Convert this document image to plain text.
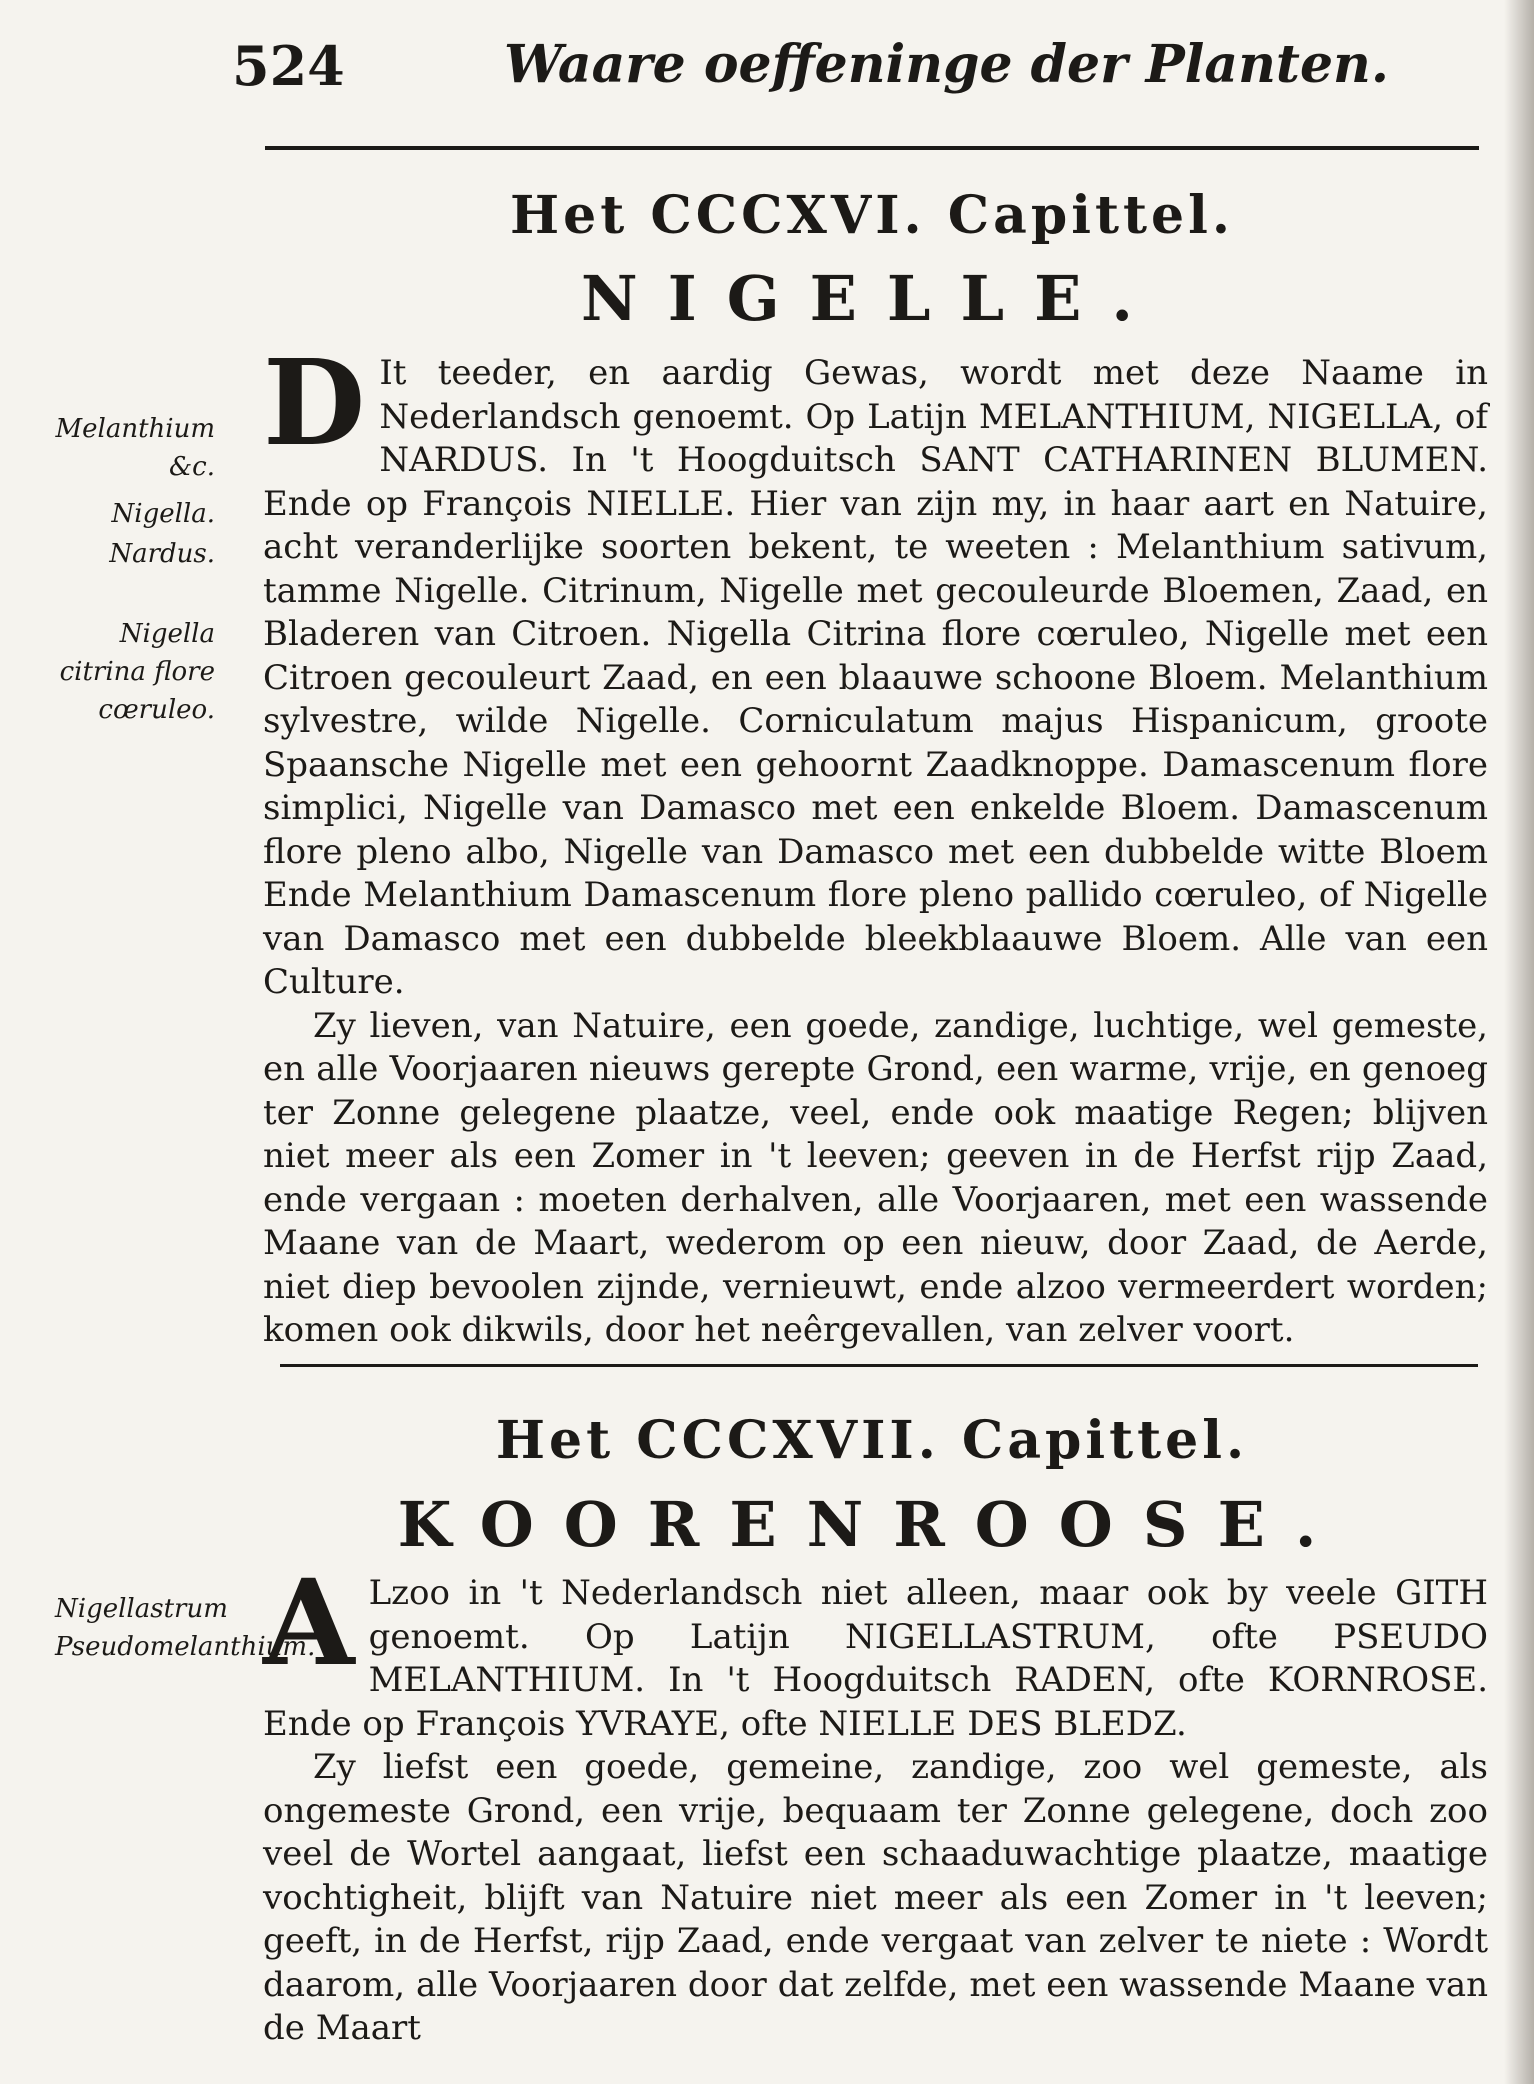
524	Waare oeffeninge der Planten.
Het CCCXVI. Capittel.
NIGELLE.
Melanthium &c.
Nigella.
Nardus.
Nigella citrina flore cœruleo.

D It teeder, en aardig Gewas, wordt met deze Naame in Nederlandsch genoemt. Op Latijn MELANTHIUM, NIGELLA, of NARDUS. In 't Hoogduitsch SANT CATHARINEN BLUMEN. Ende op François NIELLE. Hier van zijn my, in haar aart en Natuire, acht veranderlijke soorten bekent, te weeten : Melanthium sativum, tamme Nigelle. Citrinum, Nigelle met gecouleurde Bloemen, Zaad, en Bladeren van Citroen. Nigella Citrina flore cœruleo, Nigelle met een Citroen gecouleurt Zaad, en een blaauwe schoone Bloem. Melanthium sylvestre, wilde Nigelle. Corniculatum majus Hispanicum, groote Spaansche Nigelle met een gehoornt Zaadknoppe. Damascenum flore simplici, Nigelle van Damasco met een enkelde Bloem. Damascenum flore pleno albo, Nigelle van Damasco met een dubbelde witte Bloem Ende Melanthium Damascenum flore pleno pallido cœruleo, of Nigelle van Damasco met een dubbelde bleekblaauwe Bloem. Alle van een Culture.

Zy lieven, van Natuire, een goede, zandige, luchtige, wel gemeste, en alle Voorjaaren nieuws gerepte Grond, een warme, vrije, en genoeg ter Zonne gelegene plaatze, veel, ende ook maatige Regen; blijven niet meer als een Zomer in 't leeven; geeven in de Herfst rijp Zaad, ende vergaan : moeten derhalven, alle Voorjaaren, met een wassende Maane van de Maart, wederom op een nieuw, door Zaad, de Aerde, niet diep bevoolen zijnde, vernieuwt, ende alzoo vermeerdert worden; komen ook dikwils, door het neêrgevallen, van zelver voort.

Het CCCXVII. Capittel.
KOORENROOSE.
Nigellastrum Pseudomelanthium.

A Lzoo in 't Nederlandsch niet alleen, maar ook by veele GITH genoemt. Op Latijn NIGELLASTRUM, ofte PSEUDO MELANTHIUM. In 't Hoogduitsch RADEN, ofte KORNROSE. Ende op François YVRAYE, ofte NIELLE DES BLEDZ.

Zy liefst een goede, gemeine, zandige, zoo wel gemeste, als ongemeste Grond, een vrije, bequaam ter Zonne gelegene, doch zoo veel de Wortel aangaat, liefst een schaaduwachtige plaatze, maatige vochtigheit, blijft van Natuire niet meer als een Zomer in 't leeven; geeft, in de Herfst, rijp Zaad, ende vergaat van zelver te niete : Wordt daarom, alle Voorjaaren door dat zelfde, met een wassende Maane van de Maart
